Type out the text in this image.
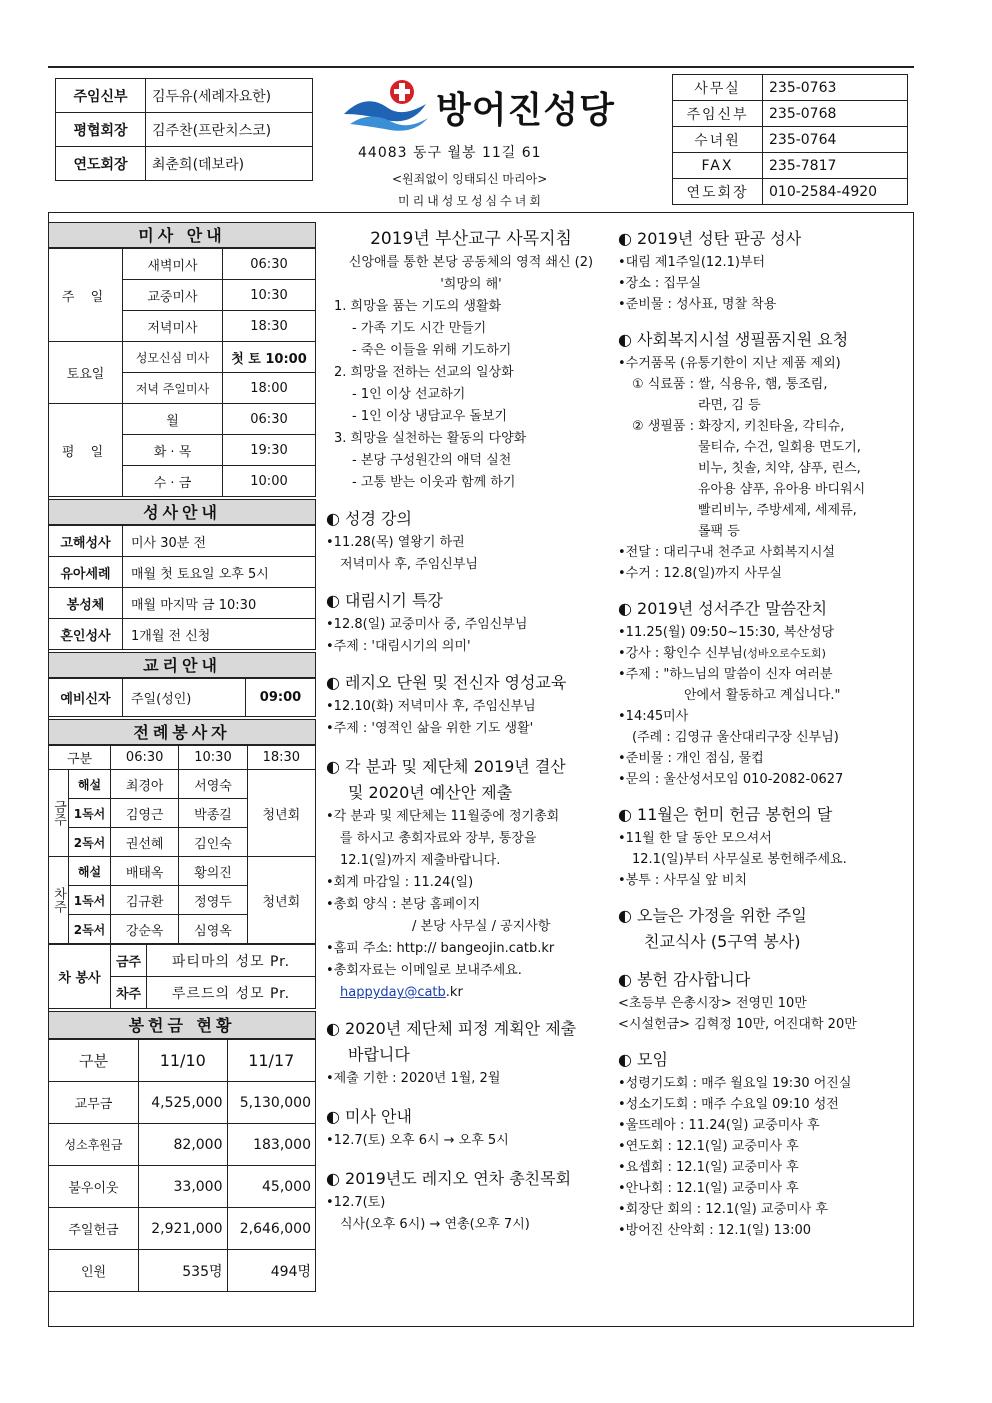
주임신부	김두유(세례자요한)
평협회장	김주찬(프란치스코)
연도회장	최춘희(데보라)
방어진성당
44083 동구 월봉 11길 61
<원죄없이 잉태되신 마리아>
미리내성모성심수녀회
사무실	235-0763
주임신부	235-0768
수녀원	235-0764
FAX	235-7817
연도회장	010-2584-4920
미사 안내
주 일	새벽미사	06:30
	교중미사	10:30
	저녁미사	18:30
토요일	성모신심 미사	첫 토 10:00
	저녁 주일미사	18:00
평 일	월	06:30
	화 · 목	19:30
	수 · 금	10:00
성사안내
고해성사	미사 30분 전
유아세례	매월 첫 토요일 오후 5시
봉성체	매월 마지막 금 10:30
혼인성사	1개월 전 신청
교리안내
예비신자	주일(성인)	09:00
전례봉사자
구분		06:30	10:30	18:30
금주	해설	최경아	서영숙	청년회
	1독서	김영근	박종길	
	2독서	권선혜	김인숙	
차주	해설	배태옥	황의진	청년회
	1독서	김규환	정영두	
	2독서	강순옥	심영옥	
차 봉사	금주	파티마의 성모 Pr.
	차주	루르드의 성모 Pr.
봉헌금 현황
구분	11/10	11/17
교무금	4,525,000	5,130,000
성소후원금	82,000	183,000
불우이웃	33,000	45,000
주일헌금	2,921,000	2,646,000
인원	535명	494명
2019년 부산교구 사목지침
신앙애를 통한 본당 공동체의 영적 쇄신 (2)
'희망의 해'
1. 희망을 품는 기도의 생활화
- 가족 기도 시간 만들기
- 죽은 이들을 위해 기도하기
2. 희망을 전하는 선교의 일상화
- 1인 이상 선교하기
- 1인 이상 냉담교우 돌보기
3. 희망을 실천하는 활동의 다양화
- 본당 구성원간의 애덕 실천
- 고통 받는 이웃과 함께 하기
◐ 성경 강의
•11.28(목) 열왕기 하권
저녁미사 후, 주임신부님
◐ 대림시기 특강
•12.8(일) 교중미사 중, 주임신부님
•주제 : '대림시기의 의미'
◐ 레지오 단원 및 전신자 영성교육
•12.10(화) 저녁미사 후, 주임신부님
•주제 : '영적인 삶을 위한 기도 생활'
◐ 각 분과 및 제단체 2019년 결산
및 2020년 예산안 제출
•각 분과 및 제단체는 11월중에 정기총회
를 하시고 총회자료와 장부, 통장을
12.1(일)까지 제출바랍니다.
•회계 마감일 : 11.24(일)
•총회 양식 : 본당 홈페이지
/ 본당 사무실 / 공지사항
•홈피 주소: http:// bangeojin.catb.kr
•총회자료는 이메일로 보내주세요.
happyday@catb.kr
◐ 2020년 제단체 피정 계획안 제출
바랍니다
•제출 기한 : 2020년 1월, 2월
◐ 미사 안내
•12.7(토) 오후 6시 → 오후 5시
◐ 2019년도 레지오 연차 총친목회
•12.7(토)
식사(오후 6시) → 연총(오후 7시)
◐ 2019년 성탄 판공 성사
•대림 제1주일(12.1)부터
•장소 : 집무실
•준비물 : 성사표, 명찰 착용
◐ 사회복지시설 생필품지원 요청
•수거품목 (유통기한이 지난 제품 제외)
① 식료품 : 쌀, 식용유, 햄, 통조림,
라면, 김 등
② 생필품 : 화장지, 키친타올, 각티슈,
물티슈, 수건, 일회용 면도기,
비누, 칫솔, 치약, 샴푸, 린스,
유아용 샴푸, 유아용 바디워시
빨리비누, 주방세제, 세제류,
롤팩 등
•전달 : 대리구내 천주교 사회복지시설
•수거 : 12.8(일)까지 사무실
◐ 2019년 성서주간 말씀잔치
•11.25(월) 09:50~15:30, 복산성당
•강사 : 황인수 신부님(성바오로수도회)
•주제 : "하느님의 말씀이 신자 여러분
안에서 활동하고 계십니다."
•14:45미사
(주례 : 김영규 울산대리구장 신부님)
•준비물 : 개인 점심, 물컵
•문의 : 울산성서모임 010-2082-0627
◐ 11월은 헌미 헌금 봉헌의 달
•11월 한 달 동안 모으셔서
12.1(일)부터 사무실로 봉헌해주세요.
•봉투 : 사무실 앞 비치
◐ 오늘은 가정을 위한 주일
친교식사 (5구역 봉사)
◐ 봉헌 감사합니다
<초등부 은총시장> 전영민 10만
<시설헌금> 김혁정 10만, 어진대학 20만
◐ 모임
•성령기도회 : 매주 월요일 19:30 어진실
•성소기도회 : 매주 수요일 09:10 성전
•울뜨레아 : 11.24(일) 교중미사 후
•연도회 : 12.1(일) 교중미사 후
•요셉회 : 12.1(일) 교중미사 후
•안나회 : 12.1(일) 교중미사 후
•회장단 회의 : 12.1(일) 교중미사 후
•방어진 산악회 : 12.1(일) 13:00
